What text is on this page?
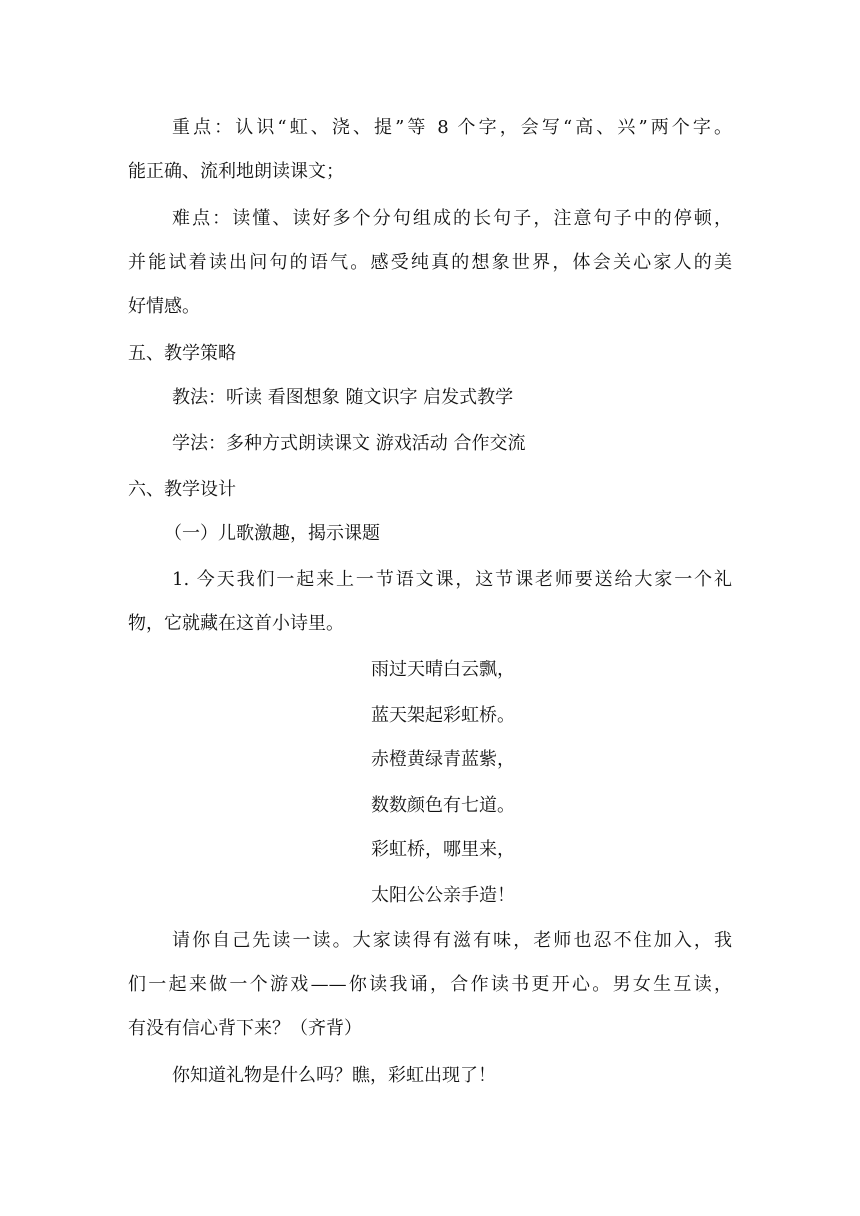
重点：认识“虹、浇、提”等 8 个字，会写“高、兴”两个字。
能正确、流利地朗读课文；
难点：读懂、读好多个分句组成的长句子，注意句子中的停顿，
并能试着读出问句的语气。感受纯真的想象世界，体会关心家人的美
好情感。
五、教学策略
教法：听读 看图想象 随文识字 启发式教学
学法：多种方式朗读课文 游戏活动 合作交流
六、教学设计
（一）儿歌激趣，揭示课题
1. 今天我们一起来上一节语文课，这节课老师要送给大家一个礼
物，它就藏在这首小诗里。
雨过天晴白云飘，
蓝天架起彩虹桥。
赤橙黄绿青蓝紫，
数数颜色有七道。
彩虹桥，哪里来，
太阳公公亲手造！
请你自己先读一读。大家读得有滋有味，老师也忍不住加入，我
们一起来做一个游戏——你读我诵，合作读书更开心。男女生互读，
有没有信心背下来？（齐背）
你知道礼物是什么吗？瞧，彩虹出现了！
